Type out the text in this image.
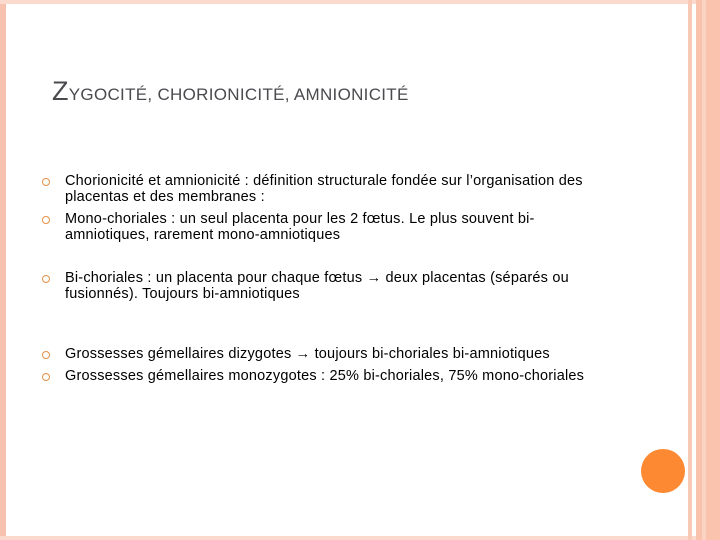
ZYGOCITÉ, CHORIONICITÉ, AMNIONICITÉ
Chorionicité et amnionicité : définition structurale fondée sur l’organisation des placentas et des membranes :
Mono-choriales : un seul placenta pour les 2 fœtus. Le plus souvent bi-amniotiques, rarement mono-amniotiques
Bi-choriales : un placenta pour chaque fœtus → deux placentas (séparés ou fusionnés). Toujours bi-amniotiques
Grossesses gémellaires dizygotes → toujours bi-choriales bi-amniotiques
Grossesses gémellaires monozygotes : 25% bi-choriales, 75% mono-choriales
